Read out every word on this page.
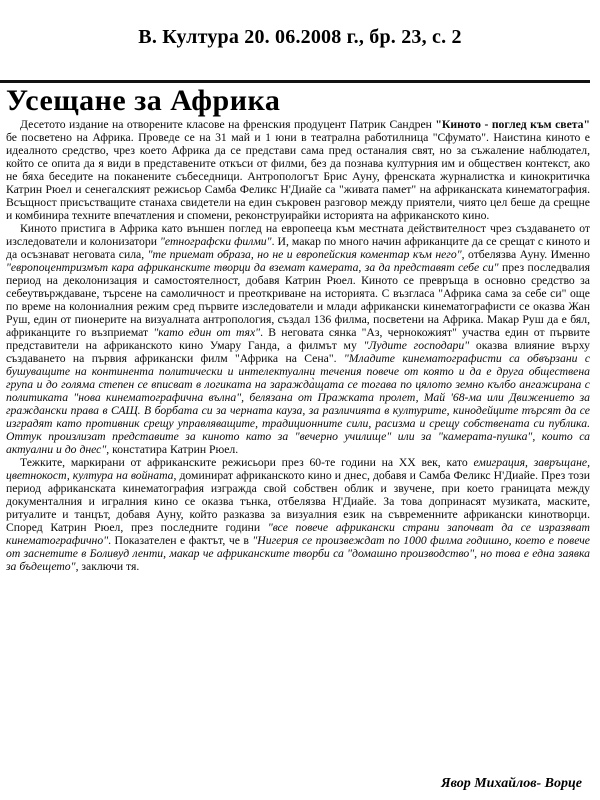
В. Култура 20. 06.2008 г., бр. 23, с. 2
Усещане за Африка

Десетото издание на отворените класове на френския продуцент Патрик Сандрен "Киното - поглед към света" бе посветено на Африка. Проведе се на 31 май и 1 юни в театрална работилница "Сфумато". Наистина киното е идеалното средство, чрез което Африка да се представи сама пред останалия свят, но за съжаление наблюдател, който се опита да я види в представените откъси от филми, без да познава културния им и обществен контекст, ако не бяха беседите на поканените събеседници. Антропологът Брис Ауну, френската журналистка и кинокритичка Катрин Рюел и сенегалският режисьор Самба Феликс Н'Диайе са "живата памет" на африканската кинематография. Всъщност присъстващите станаха свидетели на един съкровен разговор между приятели, чиято цел беше да срещне и комбинира техните впечатления и спомени, реконструирайки историята на африканското кино.

Киното пристига в Африка като външен поглед на европееца към местната действителност чрез създаването от изследователи и колонизатори "етнографски филми". И, макар по много начин африканците да се срещат с киното и да осъзнават неговата сила, "те приемат образа, но не и европейския коментар към него", отбелязва Ауну. Именно "европоцентризмът кара африканските творци да вземат камерата, за да представят себе си" през последвалия период на деколонизация и самостоятелност, добавя Катрин Рюел. Киното се превръща в основно средство за себеутвърждаване, търсене на самоличност и преоткриване на историята. С възгласа "Африка сама за себе си" още по време на колониалния режим сред първите изследователи и млади африкански кинематографисти се оказва Жан Руш, един от пионерите на визуалната антропология, създал 136 филма, посветени на Африка. Макар Руш да е бял, африканците го възприемат "като един от тях". В неговата сянка "Аз, чернокожият" участва един от първите представители на африканското кино Умару Ганда, а филмът му "Лудите господари" оказва влияние върху създаването на първия африкански филм "Африка на Сена". "Младите кинематографисти са обвързани с бушуващите на континента политически и интелектуални течения повече от която и да е друга обществена група и до голяма степен се вписват в логиката на заражда̀щата се тогава по цялото земно кълбо ангажирана с политиката "нова кинематографична вълна", белязана от Пражката пролет, Май '68-ма или Движението за граждански права в САЩ. В борбата си за черната кауза, за различията в културите, кинодейците търсят да се изградят като противник срещу управляващите, традиционните сили, расизма и срещу собствената си публика. Оттук произлизат представите за киното като за "вечерно училище" или за "камерата-пушка", които са актуални и до днес", констатира Катрин Рюел.

Тежките, маркирани от африканските режисьори през 60-те години на ХХ век, като емиграция, завръщане, цветнокост, култура на войната, доминират африканското кино и днес, добавя и Самба Феликс Н'Диайе. През този период африканската кинематография изгражда свой собствен облик и звучене, при което границата между документалния и игралния кино се оказва тънка, отбелязва Н'Диайе. За това допринасят музиката, маските, ритуалите и танцът, добавя Ауну, който разказва за визуалния език на съвременните африкански кинотворци. Според Катрин Рюел, през последните години "все повече африкански страни започват да се изразяват кинематографично". Показателен е фактът, че в "Нигерия се произвеждат по 1000 филма годишно, което е повече от заснетите в Боливуд ленти, макар че африканските творби са "домашно производство", но това е една заявка за бъдещето", заключи тя.

Явор Михайлов- Ворцe
